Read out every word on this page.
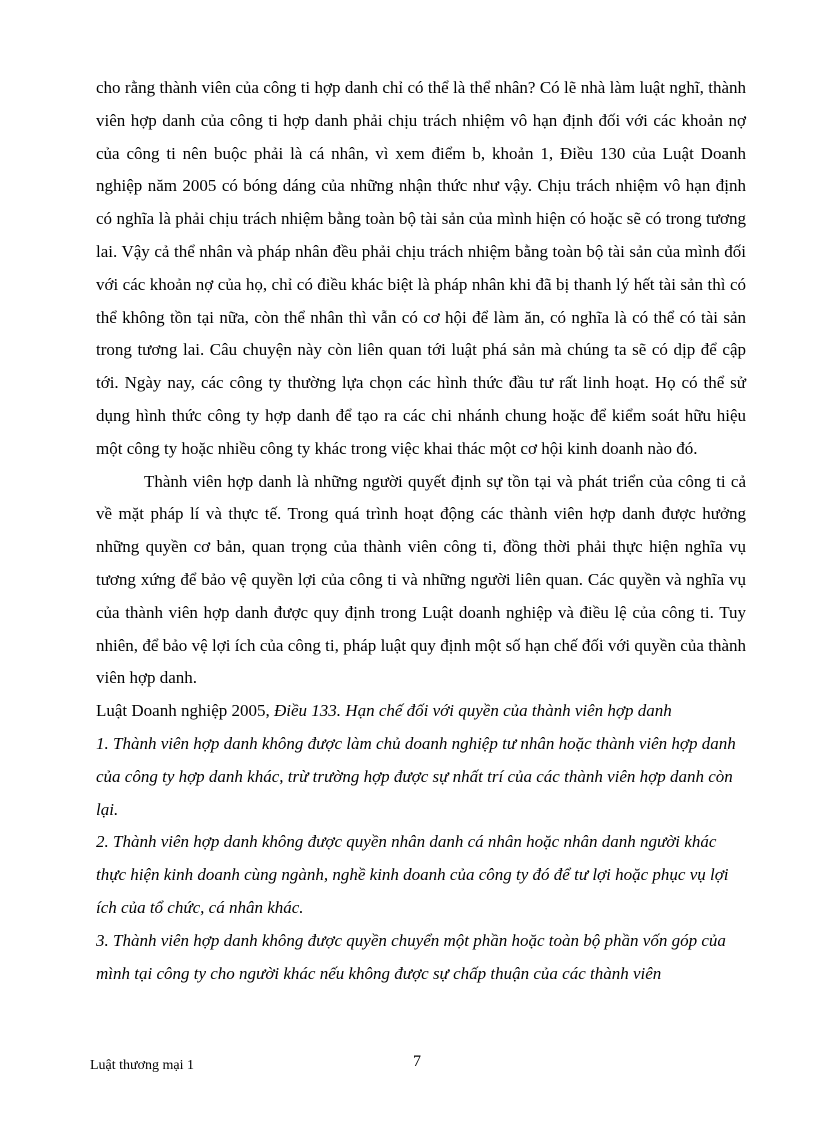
cho rằng thành viên của công ti hợp danh chỉ có thể là thể nhân? Có lẽ nhà làm luật nghĩ, thành viên hợp danh của công ti hợp danh phải chịu trách nhiệm vô hạn định đối với các khoản nợ của công ti nên buộc phải là cá nhân, vì xem điểm b, khoản 1, Điều 130 của Luật Doanh nghiệp năm 2005 có bóng dáng của những nhận thức như vậy. Chịu trách nhiệm vô hạn định có nghĩa là phải chịu trách nhiệm bằng toàn bộ tài sản của mình hiện có hoặc sẽ có trong tương lai. Vậy cả thể nhân và pháp nhân đều phải chịu trách nhiệm bằng toàn bộ tài sản của mình đối với các khoản nợ của họ, chỉ có điều khác biệt là pháp nhân khi đã bị thanh lý hết tài sản thì có thể không tồn tại nữa, còn thể nhân thì vẫn có cơ hội để làm ăn, có nghĩa là có thể có tài sản trong tương lai. Câu chuyện này còn liên quan tới luật phá sản mà chúng ta sẽ có dịp để cập tới. Ngày nay, các công ty thường lựa chọn các hình thức đầu tư rất linh hoạt. Họ có thể sử dụng hình thức công ty hợp danh để tạo ra các chi nhánh chung hoặc để kiểm soát hữu hiệu một công ty hoặc nhiều công ty khác trong việc khai thác một cơ hội kinh doanh nào đó.

Thành viên hợp danh là những người quyết định sự tồn tại và phát triển của công ti cả về mặt pháp lí và thực tế. Trong quá trình hoạt động các thành viên hợp danh được hưởng những quyền cơ bản, quan trọng của thành viên công ti, đồng thời phải thực hiện nghĩa vụ tương xứng để bảo vệ quyền lợi của công ti và những người liên quan. Các quyền và nghĩa vụ của thành viên hợp danh được quy định trong Luật doanh nghiệp và điều lệ của công ti. Tuy nhiên, để bảo vệ lợi ích của công ti, pháp luật quy định một số hạn chế đối với quyền của thành viên hợp danh.

Luật Doanh nghiệp 2005, Điều 133. Hạn chế đối với quyền của thành viên hợp danh

1. Thành viên hợp danh không được làm chủ doanh nghiệp tư nhân hoặc thành viên hợp danh của công ty hợp danh khác, trừ trường hợp được sự nhất trí của các thành viên hợp danh còn lại.

2. Thành viên hợp danh không được quyền nhân danh cá nhân hoặc nhân danh người khác thực hiện kinh doanh cùng ngành, nghề kinh doanh của công ty đó để tư lợi hoặc phục vụ lợi ích của tổ chức, cá nhân khác.

3. Thành viên hợp danh không được quyền chuyển một phần hoặc toàn bộ phần vốn góp của mình tại công ty cho người khác nếu không được sự chấp thuận của các thành viên

Luật thương mại 1	7
